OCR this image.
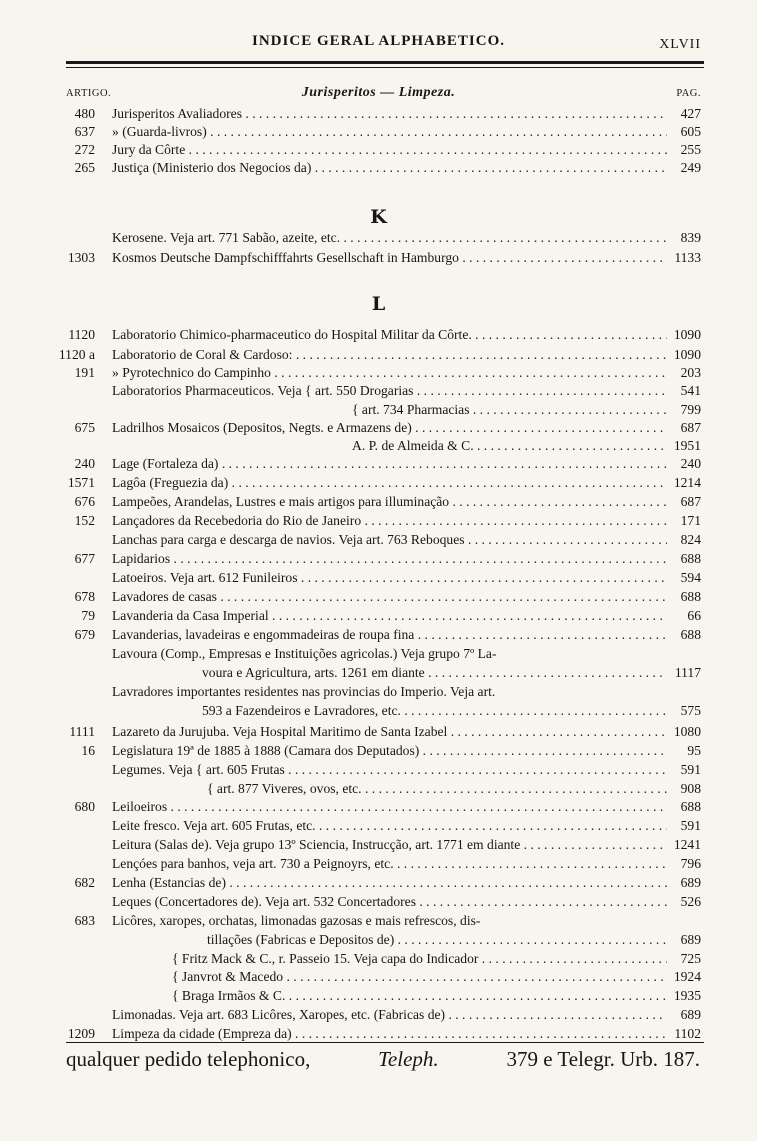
INDICE GERAL ALPHABETICO.	XLVII
ARTIGO.	Jurisperitos — Limpeza.	PAG.
K
L
480 Jurisperitos Avaliadores . . .	427
637 » (Guarda-livros) . . .	605
272 Jury da Côrte . . .	255
265 Justiça (Ministerio dos Negocios da) . . .	249
Kerosene. Veja art. 771 Sabão, azeite, etc. . . .	839
1303 Kosmos Deutsche Dampfschifffahrts Gesellschaft in Hamburgo . . .	1133
1120 Laboratorio Chimico-pharmaceutico do Hospital Militar da Côrte. . . .	1090
1120 a Laboratorio de Coral & Cardoso: . . .	1090
191 » Pyrotechnico do Campinho . . .	203
Laboratorios Pharmaceuticos. Veja { art. 550 Drogarias . . .	541
{ art. 734 Pharmacias . . .	799
675 Ladrilhos Mosaicos (Depositos, Negts. e Armazens de) . . .	687
A. P. de Almeida & C. . . .	1951
240 Lage (Fortaleza da) . . .	240
1571 Lagôa (Freguezia da) . . .	1214
676 Lampeões, Arandelas, Lustres e mais artigos para illuminação . . .	687
152 Lançadores da Recebedoria do Rio de Janeiro . . .	171
Lanchas para carga e descarga de navios. Veja art. 763 Reboques . . .	824
677 Lapidarios . . .	688
Latoeiros. Veja art. 612 Funileiros . . .	594
678 Lavadores de casas . . .	688
79 Lavanderia da Casa Imperial . . .	66
679 Lavanderias, lavadeiras e engommadeiras de roupa fina . . .	688
Lavoura (Comp., Empresas e Instituições agricolas.) Veja grupo 7º La-
voura e Agricultura, arts. 1261 em diante . . .	1117
Lavradores importantes residentes nas provincias do Imperio. Veja art.
593 a Fazendeiros e Lavradores, etc. . . .	575
1111 Lazareto da Jurujuba. Veja Hospital Maritimo de Santa Izabel . . .	1080
16 Legislatura 19ª de 1885 à 1888 (Camara dos Deputados) . . .	95
Legumes. Veja { art. 605 Frutas . . .	591
{ art. 877 Viveres, ovos, etc. . . .	908
680 Leiloeiros . . .	688
Leite fresco. Veja art. 605 Frutas, etc. . . .	591
Leitura (Salas de). Veja grupo 13º Sciencia, Instrucção, art. 1771 em diante . . .	1241
Lençóes para banhos, veja art. 730 a Peignoyrs, etc. . . .	796
682 Lenha (Estancias de) . . .	689
Leques (Concertadores de). Veja art. 532 Concertadores . . .	526
683 Licôres, xaropes, orchatas, limonadas gazosas e mais refrescos, dis-
tillações (Fabricas e Depositos de) . . .	689
{ Fritz Mack & C., r. Passeio 15. Veja capa do Indicador . . .	725
{ Janvrot & Macedo . . .	1924
{ Braga Irmãos & C. . . .	1935
Limonadas. Veja art. 683 Licôres, Xaropes, etc. (Fabricas de) . . .	689
1209 Limpeza da cidade (Empreza da) . . .	1102
qualquer pedido telephonico,	Teleph.	379 e Telegr. Urb. 187.
